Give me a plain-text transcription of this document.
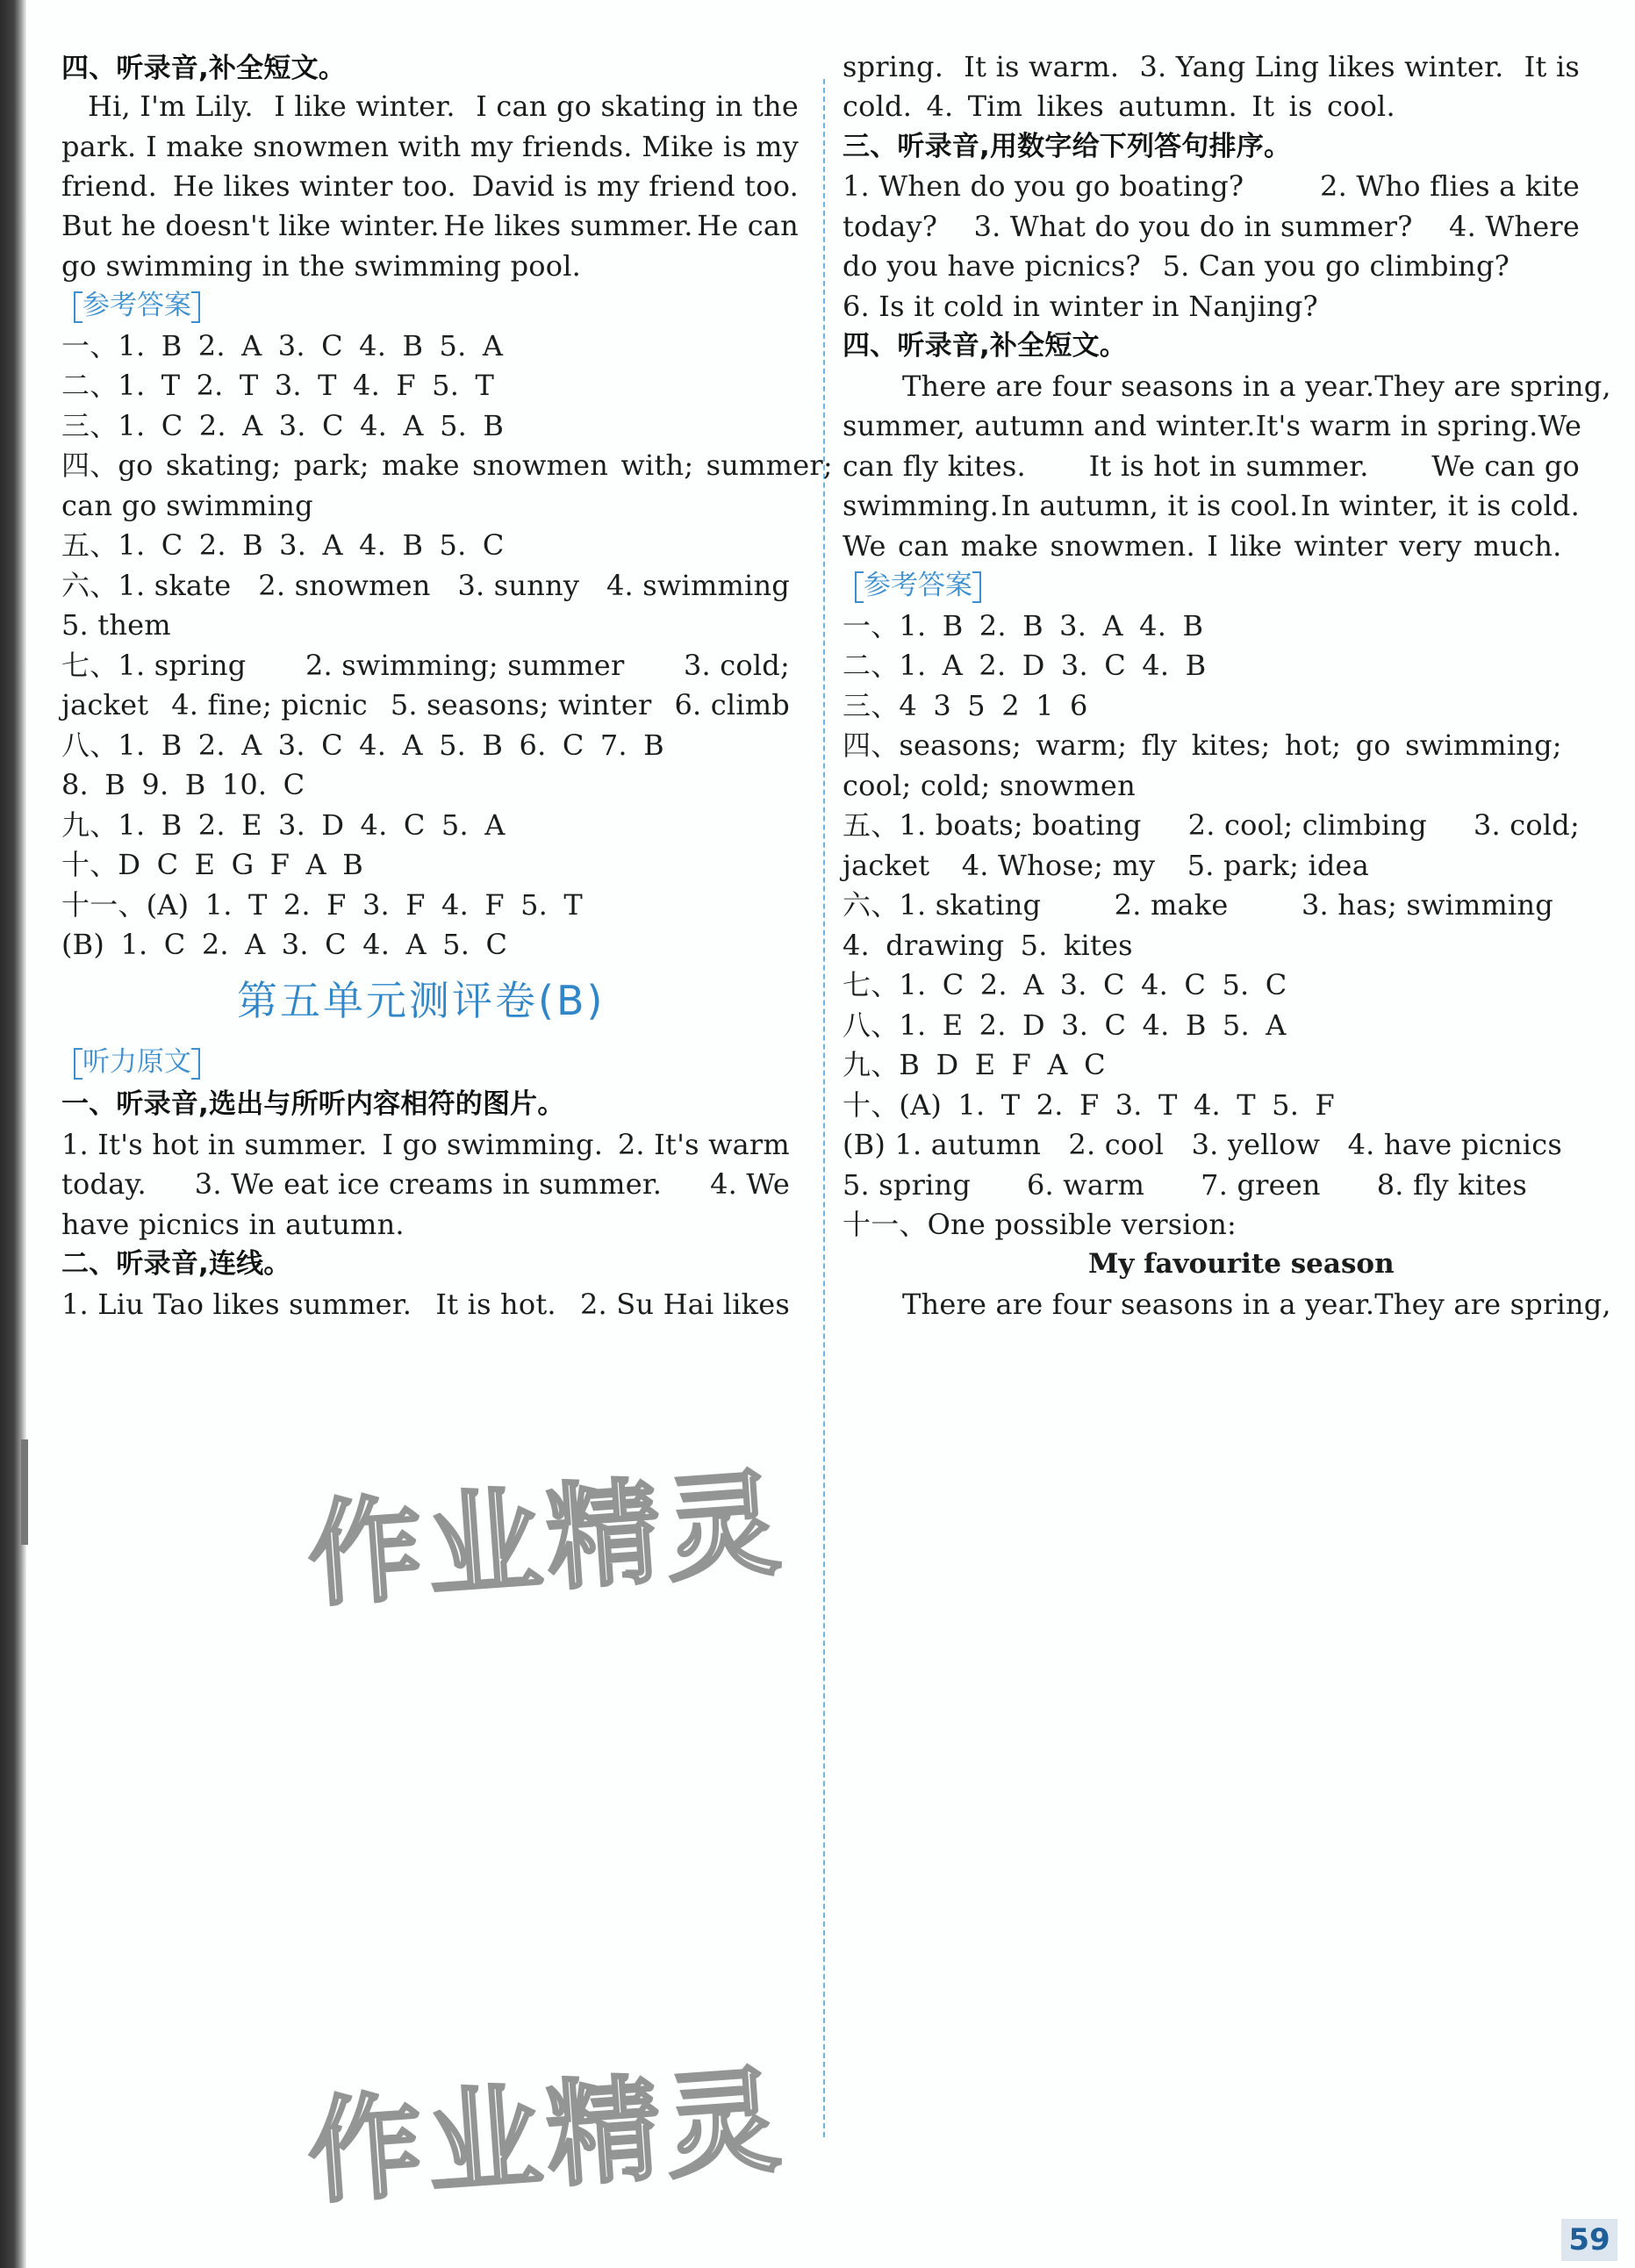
四、听录音,补全短文。
Hi, I'm Lily. I like winter. I can go skating in the
park. I make snowmen with my friends. Mike is my
friend. He likes winter too. David is my friend too.
But he doesn't like winter. He likes summer. He can
go swimming in the swimming pool.
参考答案
一、1. B 2. A 3. C 4. B 5. A
二、1. T 2. T 3. T 4. F 5. T
三、1. C 2. A 3. C 4. A 5. B
四、go skating; park; make snowmen with; summer;
can go swimming
五、1. C 2. B 3. A 4. B 5. C
六、1. skate 2. snowmen 3. sunny 4. swimming
5. them
七、1. spring 2. swimming; summer 3. cold;
jacket 4. fine; picnic 5. seasons; winter 6. climb
八、1. B 2. A 3. C 4. A 5. B 6. C 7. B
8. B 9. B 10. C
九、1. B 2. E 3. D 4. C 5. A
十、D C E G F A B
十一、(A) 1. T 2. F 3. F 4. F 5. T
(B) 1. C 2. A 3. C 4. A 5. C
第五单元测评卷(B)
听力原文
一、听录音,选出与所听内容相符的图片。
1. It's hot in summer. I go swimming. 2. It's warm
today. 3. We eat ice creams in summer. 4. We
have picnics in autumn.
二、听录音,连线。
1. Liu Tao likes summer. It is hot. 2. Su Hai likes
spring. It is warm. 3. Yang Ling likes winter. It is
cold. 4. Tim likes autumn. It is cool.
三、听录音,用数字给下列答句排序。
1. When do you go boating?	2. Who flies a kite
today? 3. What do you do in summer? 4. Where
do you have picnics? 5. Can you go climbing?
6. Is it cold in winter in Nanjing?
四、听录音,补全短文。
There are four seasons in a year. They are spring,
summer, autumn and winter. It's warm in spring. We
can fly kites. It is hot in summer. We can go
swimming. In autumn, it is cool. In winter, it is cold.
We can make snowmen. I like winter very much.
参考答案
一、1. B 2. B 3. A 4. B
二、1. A 2. D 3. C 4. B
三、4 3 5 2 1 6
四、seasons; warm; fly kites; hot; go swimming;
cool; cold; snowmen
五、1. boats; boating 2. cool; climbing 3. cold;
jacket 4. Whose; my 5. park; idea
六、1. skating	2. make	3. has; swimming
4. drawing 5. kites
七、1. C 2. A 3. C 4. C 5. C
八、1. E 2. D 3. C 4. B 5. A
九、B D E F A C
十、(A) 1. T 2. F 3. T 4. T 5. F
(B) 1. autumn 2. cool 3. yellow 4. have picnics
5. spring 6. warm 7. green 8. fly kites
十一、One possible version:
My favourite season
There are four seasons in a year. They are spring,
59
作业精灵
作业精灵
